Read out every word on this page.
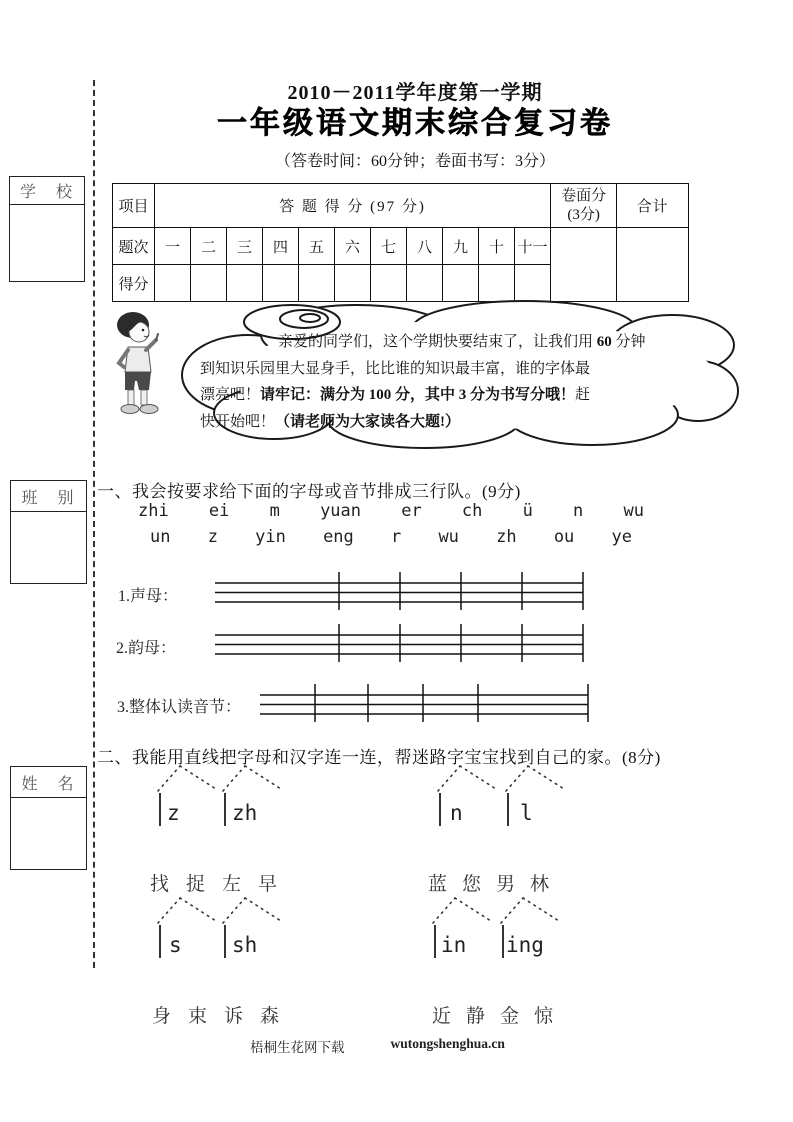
2010－2011学年度第一学期
一年级语文期末综合复习卷
（答卷时间：60分钟；卷面书写：3分）
学　校
班　别
姓　名
项目	答 题 得 分 (97 分)											卷面分
(3分)	合计
题次	一	二	三	四	五	六	七	八	九	十	十一		
得分													
亲爱的同学们，这个学期快要结束了，让我们用 60 分钟
到知识乐园里大显身手，比比谁的知识最丰富，谁的字体最
漂亮吧！请牢记：满分为 100 分，其中 3 分为书写分哦！赶
快开始吧！（请老师为大家读各大题!）
一、我会按要求给下面的字母或音节排成三行队。(9分)
zhi ei m yuan er ch ü n wu
un z yin eng r wu zh ou ye
1.声母：
2.韵母：
3.整体认读音节：
二、我能用直线把字母和汉字连一连，帮迷路字宝宝找到自己的家。(8分)
z zh	n	l
找 捉 左 早	蓝 您 男 林
s sh	in ing
身 束 诉 森	近 静 金 惊
梧桐生花网下载	wutongshenghua.cn
